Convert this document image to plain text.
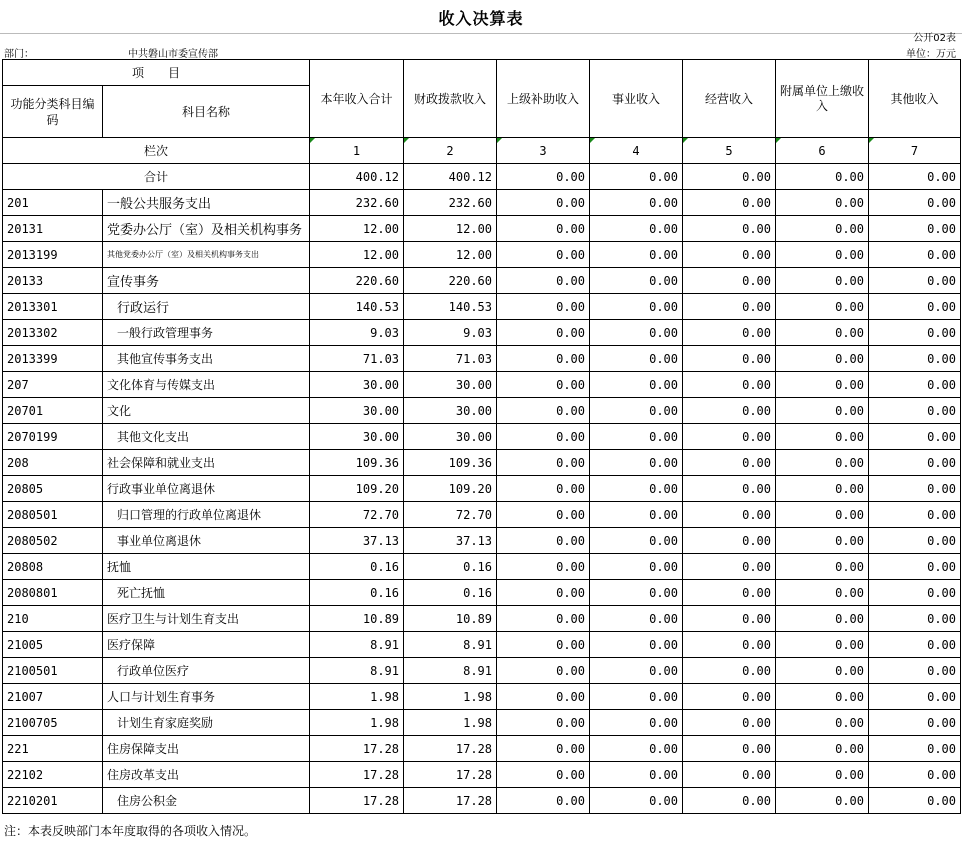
收入决算表
公开02表
部门：	中共磐山市委宣传部	单位：万元
项　　目		本年收入合计	财政拨款收入	上级补助收入	事业收入	经营收入	附属单位上缴收入	其他收入
功能分类科目编码	科目名称							
栏次		1	2	3	4	5	6	7
合计		400.12	400.12	0.00	0.00	0.00	0.00	0.00
201	一般公共服务支出	232.60	232.60	0.00	0.00	0.00	0.00	0.00
20131	党委办公厅（室）及相关机构事务	12.00	12.00	0.00	0.00	0.00	0.00	0.00
2013199	其他党委办公厅（室）及相关机构事务支出	12.00	12.00	0.00	0.00	0.00	0.00	0.00
20133	宣传事务	220.60	220.60	0.00	0.00	0.00	0.00	0.00
2013301	行政运行	140.53	140.53	0.00	0.00	0.00	0.00	0.00
2013302	一般行政管理事务	9.03	9.03	0.00	0.00	0.00	0.00	0.00
2013399	其他宣传事务支出	71.03	71.03	0.00	0.00	0.00	0.00	0.00
207	文化体育与传媒支出	30.00	30.00	0.00	0.00	0.00	0.00	0.00
20701	文化	30.00	30.00	0.00	0.00	0.00	0.00	0.00
2070199	其他文化支出	30.00	30.00	0.00	0.00	0.00	0.00	0.00
208	社会保障和就业支出	109.36	109.36	0.00	0.00	0.00	0.00	0.00
20805	行政事业单位离退休	109.20	109.20	0.00	0.00	0.00	0.00	0.00
2080501	归口管理的行政单位离退休	72.70	72.70	0.00	0.00	0.00	0.00	0.00
2080502	事业单位离退休	37.13	37.13	0.00	0.00	0.00	0.00	0.00
20808	抚恤	0.16	0.16	0.00	0.00	0.00	0.00	0.00
2080801	死亡抚恤	0.16	0.16	0.00	0.00	0.00	0.00	0.00
210	医疗卫生与计划生育支出	10.89	10.89	0.00	0.00	0.00	0.00	0.00
21005	医疗保障	8.91	8.91	0.00	0.00	0.00	0.00	0.00
2100501	行政单位医疗	8.91	8.91	0.00	0.00	0.00	0.00	0.00
21007	人口与计划生育事务	1.98	1.98	0.00	0.00	0.00	0.00	0.00
2100705	计划生育家庭奖励	1.98	1.98	0.00	0.00	0.00	0.00	0.00
221	住房保障支出	17.28	17.28	0.00	0.00	0.00	0.00	0.00
22102	住房改革支出	17.28	17.28	0.00	0.00	0.00	0.00	0.00
2210201	住房公积金	17.28	17.28	0.00	0.00	0.00	0.00	0.00
注：本表反映部门本年度取得的各项收入情况。
